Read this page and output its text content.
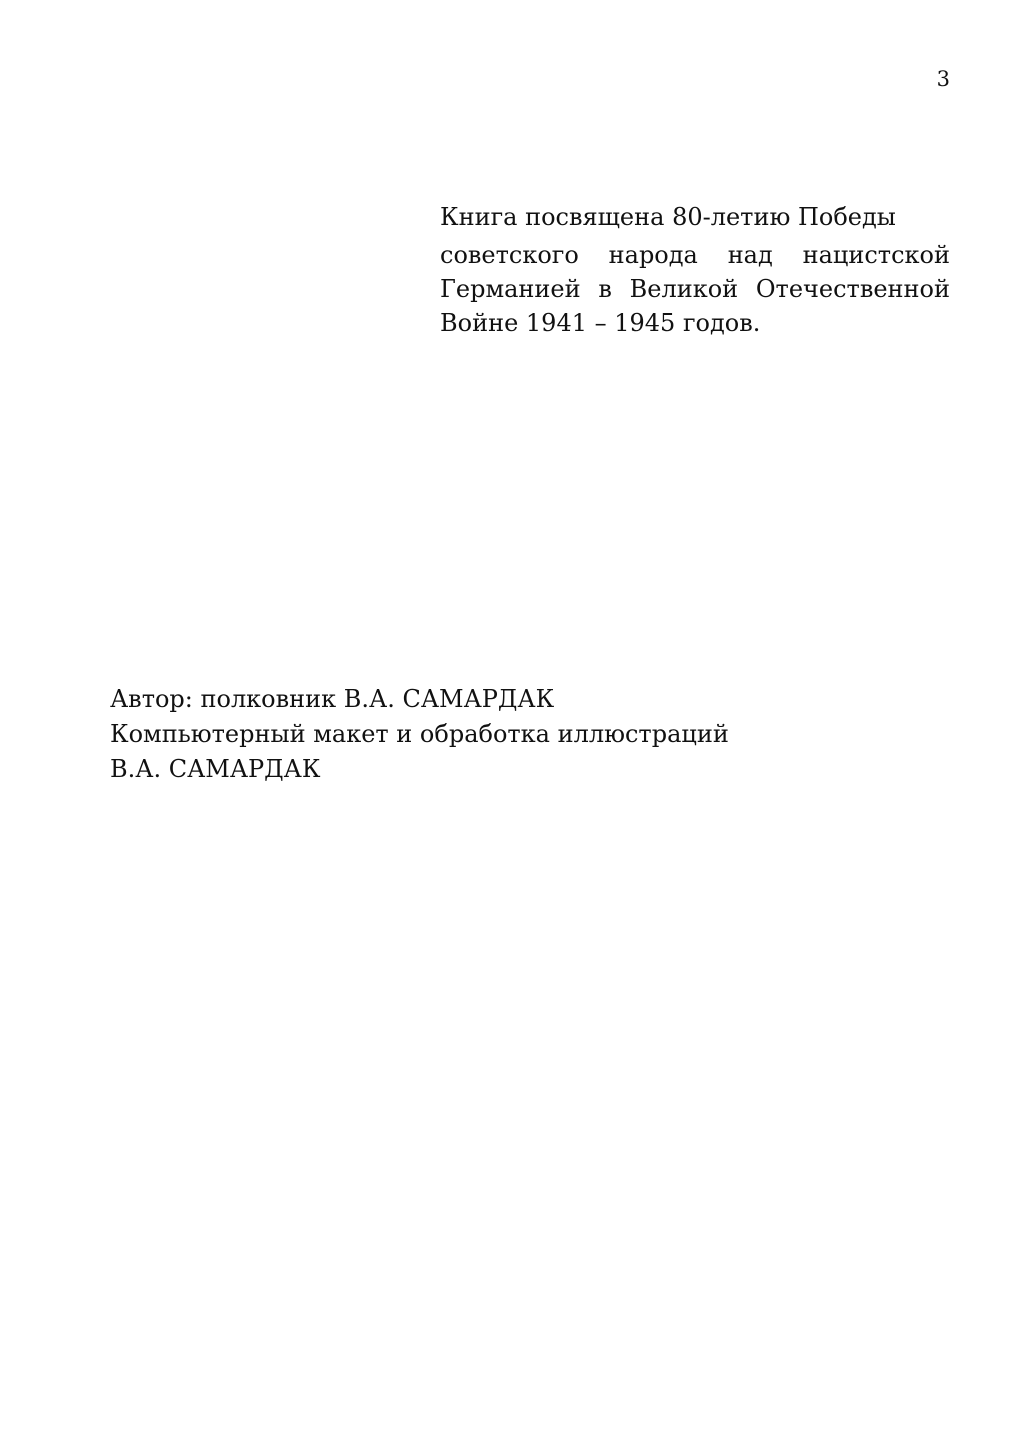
3
Книга посвящена 80-летию Победы
советского народа над нацистской
Германией в Великой Отечественной
Войне 1941 – 1945 годов.
Автор: полковник В.А. САМАРДАК
Компьютерный макет и обработка иллюстраций
В.А. САМАРДАК
